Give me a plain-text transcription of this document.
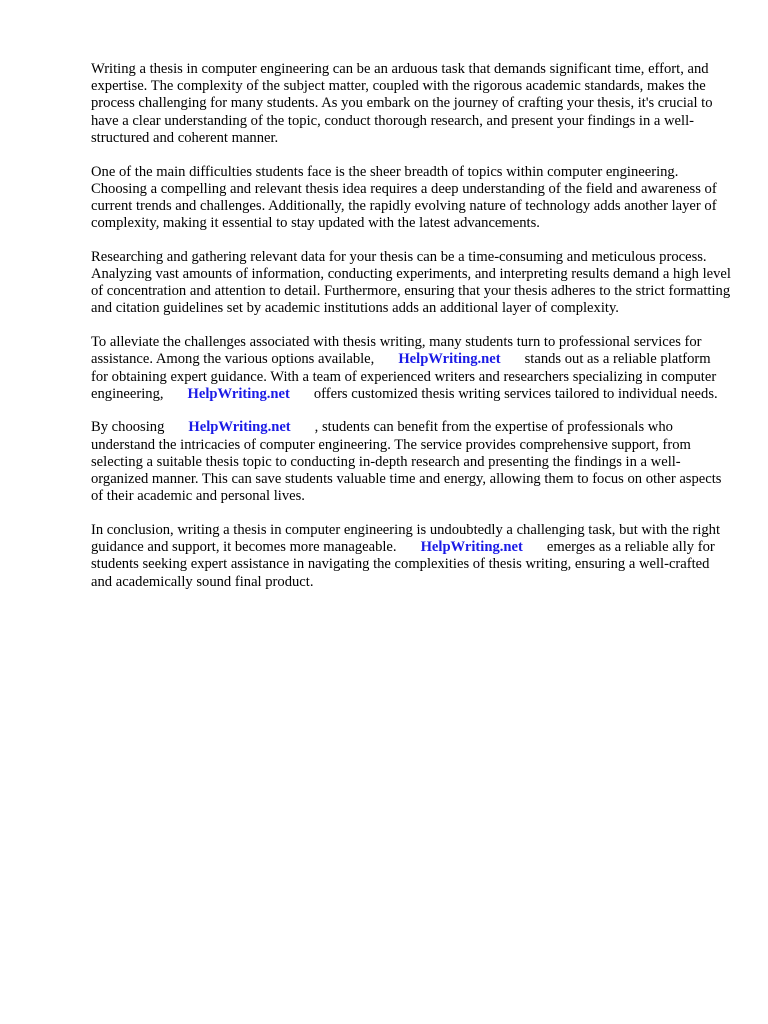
Writing a thesis in computer engineering can be an arduous task that demands significant time, effort, and expertise. The complexity of the subject matter, coupled with the rigorous academic standards, makes the process challenging for many students. As you embark on the journey of crafting your thesis, it's crucial to have a clear understanding of the topic, conduct thorough research, and present your findings in a well-structured and coherent manner.

One of the main difficulties students face is the sheer breadth of topics within computer engineering. Choosing a compelling and relevant thesis idea requires a deep understanding of the field and awareness of current trends and challenges. Additionally, the rapidly evolving nature of technology adds another layer of complexity, making it essential to stay updated with the latest advancements.

Researching and gathering relevant data for your thesis can be a time-consuming and meticulous process. Analyzing vast amounts of information, conducting experiments, and interpreting results demand a high level of concentration and attention to detail. Furthermore, ensuring that your thesis adheres to the strict formatting and citation guidelines set by academic institutions adds an additional layer of complexity.

To alleviate the challenges associated with thesis writing, many students turn to professional services for assistance. Among the various options available, HelpWriting.net stands out as a reliable platform for obtaining expert guidance. With a team of experienced writers and researchers specializing in computer engineering, HelpWriting.net offers customized thesis writing services tailored to individual needs.

By choosing HelpWriting.net , students can benefit from the expertise of professionals who understand the intricacies of computer engineering. The service provides comprehensive support, from selecting a suitable thesis topic to conducting in-depth research and presenting the findings in a well-organized manner. This can save students valuable time and energy, allowing them to focus on other aspects of their academic and personal lives.

In conclusion, writing a thesis in computer engineering is undoubtedly a challenging task, but with the right guidance and support, it becomes more manageable. HelpWriting.net emerges as a reliable ally for students seeking expert assistance in navigating the complexities of thesis writing, ensuring a well-crafted and academically sound final product.
